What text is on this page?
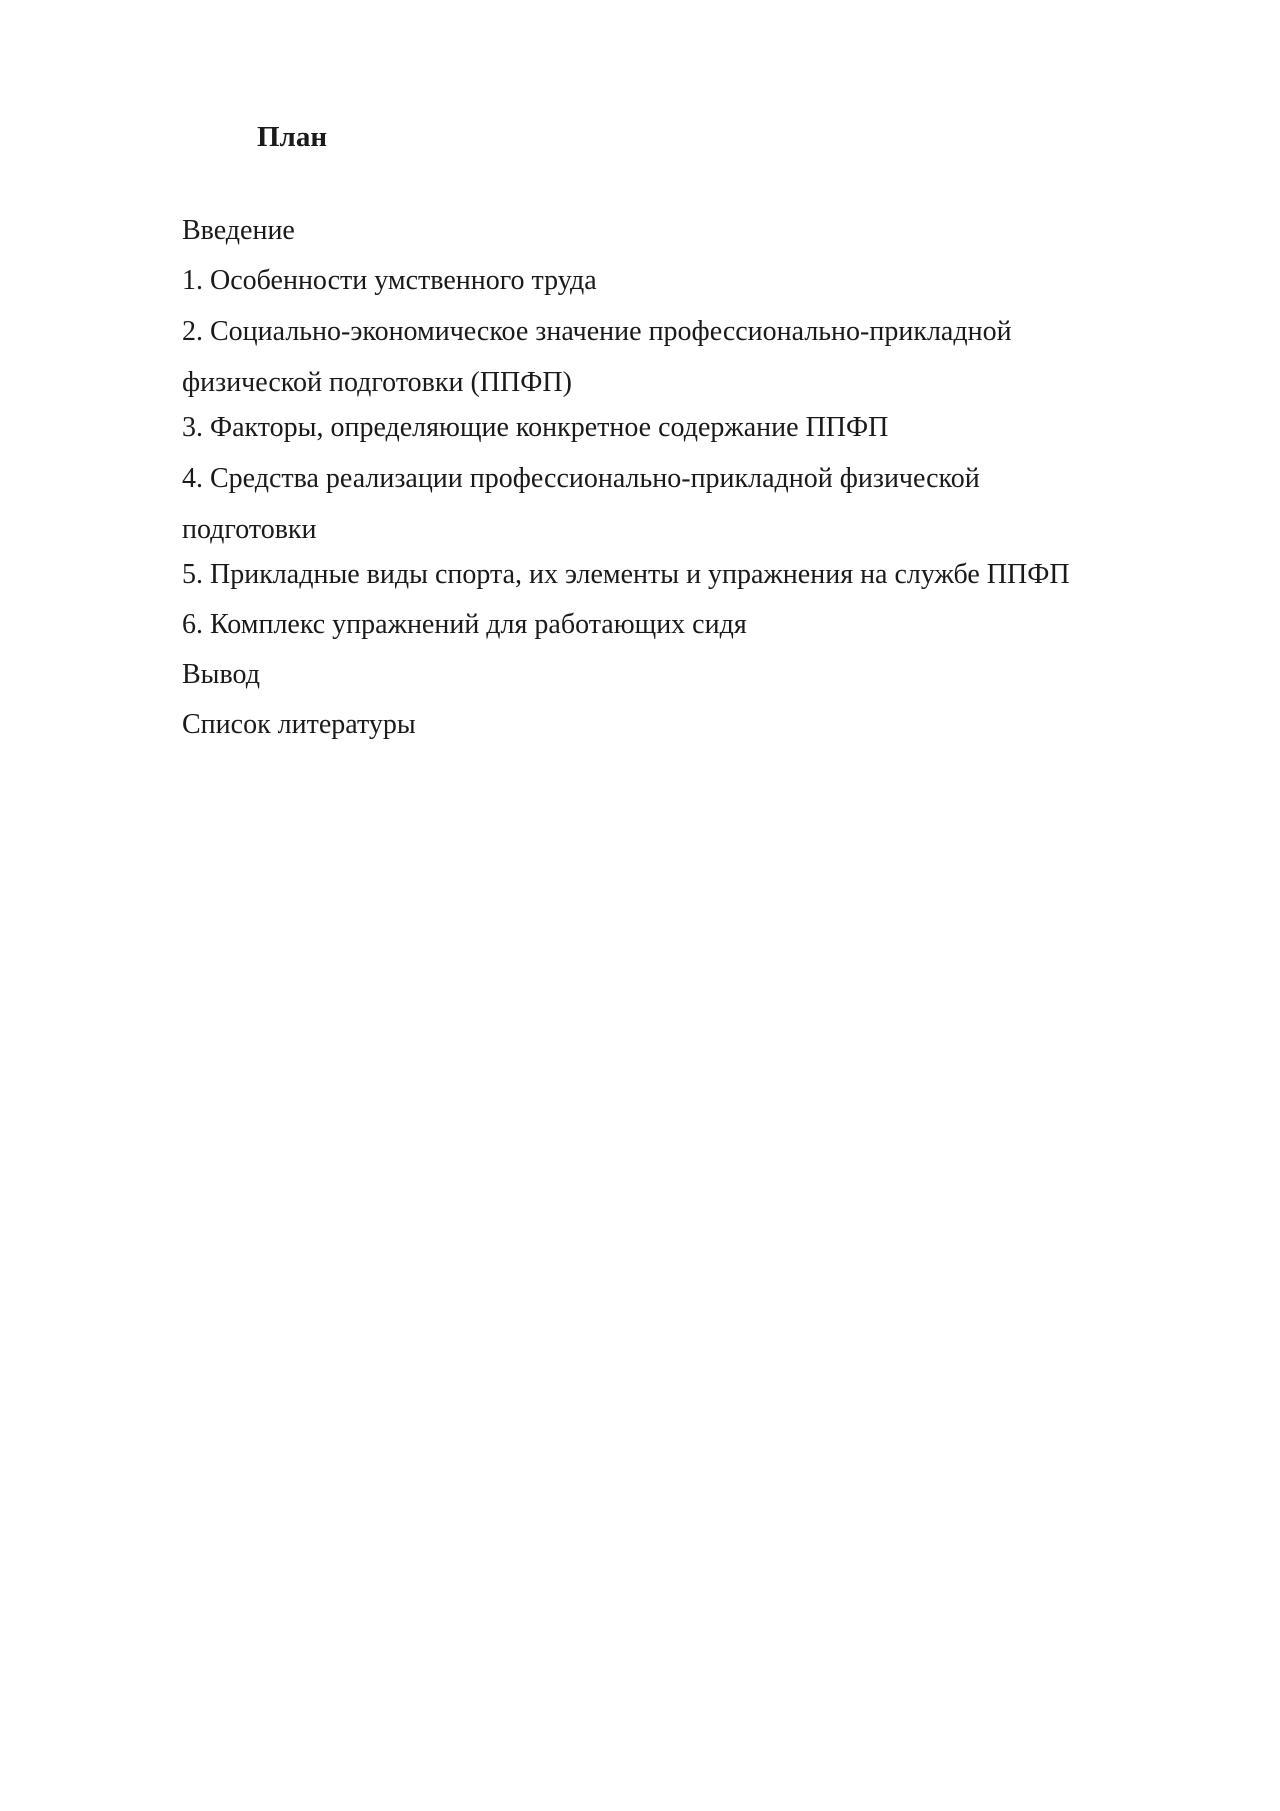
План
Введение
1. Особенности умственного труда
2. Социально-экономическое значение профессионально-прикладной физической подготовки (ППФП)
3. Факторы, определяющие конкретное содержание ППФП
4. Средства реализации профессионально-прикладной физической подготовки
5. Прикладные виды спорта, их элементы и упражнения на службе ППФП
6. Комплекс упражнений для работающих сидя
Вывод
Список литературы
